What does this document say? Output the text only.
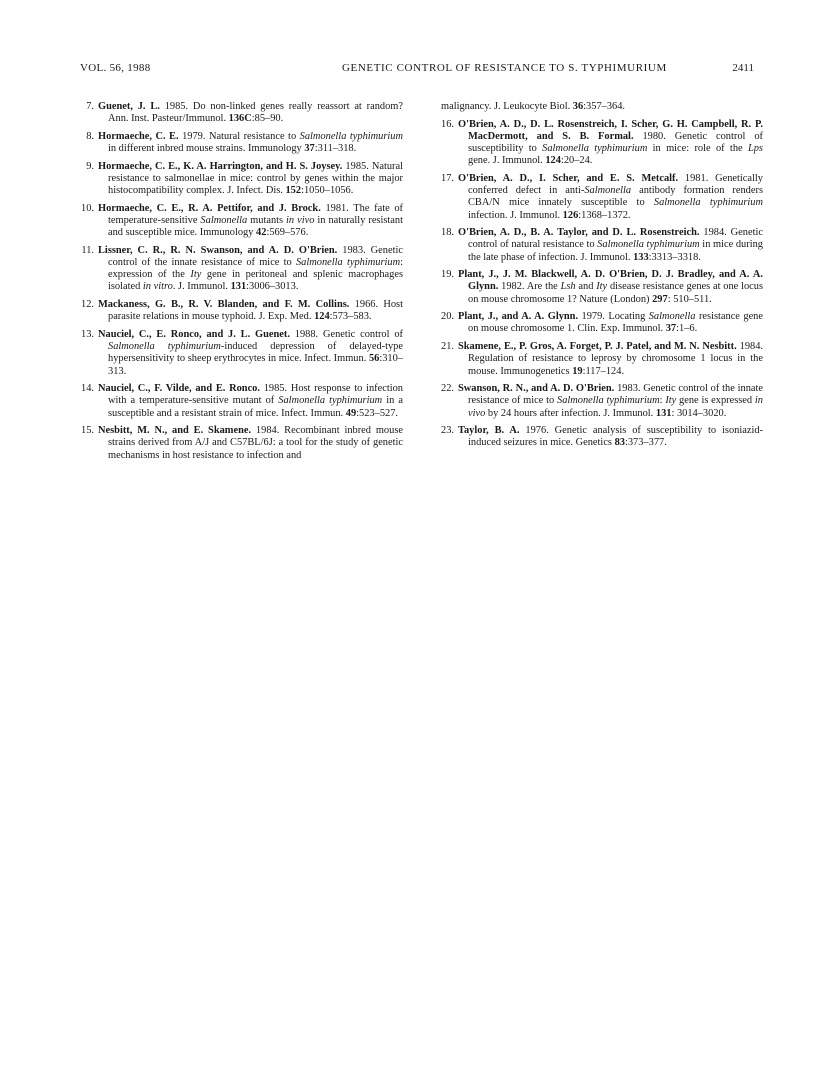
VOL. 56, 1988	GENETIC CONTROL OF RESISTANCE TO S. TYPHIMURIUM	2411
7. Guenet, J. L. 1985. Do non-linked genes really reassort at random? Ann. Inst. Pasteur/Immunol. 136C:85–90.
8. Hormaeche, C. E. 1979. Natural resistance to Salmonella typhimurium in different inbred mouse strains. Immunology 37:311–318.
9. Hormaeche, C. E., K. A. Harrington, and H. S. Joysey. 1985. Natural resistance to salmonellae in mice: control by genes within the major histocompatibility complex. J. Infect. Dis. 152:1050–1056.
10. Hormaeche, C. E., R. A. Pettifor, and J. Brock. 1981. The fate of temperature-sensitive Salmonella mutants in vivo in naturally resistant and susceptible mice. Immunology 42:569–576.
11. Lissner, C. R., R. N. Swanson, and A. D. O'Brien. 1983. Genetic control of the innate resistance of mice to Salmonella typhimurium: expression of the Ity gene in peritoneal and splenic macrophages isolated in vitro. J. Immunol. 131:3006–3013.
12. Mackaness, G. B., R. V. Blanden, and F. M. Collins. 1966. Host parasite relations in mouse typhoid. J. Exp. Med. 124:573–583.
13. Nauciel, C., E. Ronco, and J. L. Guenet. 1988. Genetic control of Salmonella typhimurium-induced depression of delayed-type hypersensitivity to sheep erythrocytes in mice. Infect. Immun. 56:310–313.
14. Nauciel, C., F. Vilde, and E. Ronco. 1985. Host response to infection with a temperature-sensitive mutant of Salmonella typhimurium in a susceptible and a resistant strain of mice. Infect. Immun. 49:523–527.
15. Nesbitt, M. N., and E. Skamene. 1984. Recombinant inbred mouse strains derived from A/J and C57BL/6J: a tool for the study of genetic mechanisms in host resistance to infection and
malignancy. J. Leukocyte Biol. 36:357–364.
16. O'Brien, A. D., D. L. Rosenstreich, I. Scher, G. H. Campbell, R. P. MacDermott, and S. B. Formal. 1980. Genetic control of susceptibility to Salmonella typhimurium in mice: role of the Lps gene. J. Immunol. 124:20–24.
17. O'Brien, A. D., I. Scher, and E. S. Metcalf. 1981. Genetically conferred defect in anti-Salmonella antibody formation renders CBA/N mice innately susceptible to Salmonella typhimurium infection. J. Immunol. 126:1368–1372.
18. O'Brien, A. D., B. A. Taylor, and D. L. Rosenstreich. 1984. Genetic control of natural resistance to Salmonella typhimurium in mice during the late phase of infection. J. Immunol. 133:3313–3318.
19. Plant, J., J. M. Blackwell, A. D. O'Brien, D. J. Bradley, and A. A. Glynn. 1982. Are the Lsh and Ity disease resistance genes at one locus on mouse chromosome 1? Nature (London) 297: 510–511.
20. Plant, J., and A. A. Glynn. 1979. Locating Salmonella resistance gene on mouse chromosome 1. Clin. Exp. Immunol. 37:1–6.
21. Skamene, E., P. Gros, A. Forget, P. J. Patel, and M. N. Nesbitt. 1984. Regulation of resistance to leprosy by chromosome 1 locus in the mouse. Immunogenetics 19:117–124.
22. Swanson, R. N., and A. D. O'Brien. 1983. Genetic control of the innate resistance of mice to Salmonella typhimurium: Ity gene is expressed in vivo by 24 hours after infection. J. Immunol. 131: 3014–3020.
23. Taylor, B. A. 1976. Genetic analysis of susceptibility to isoniazid-induced seizures in mice. Genetics 83:373–377.
